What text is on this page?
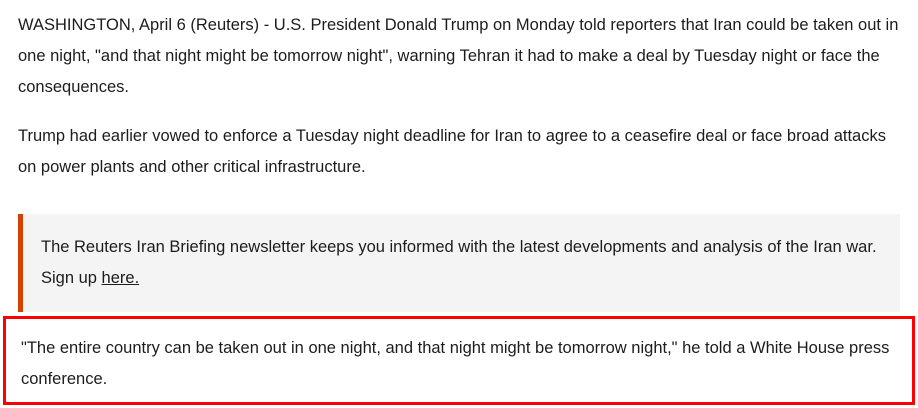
WASHINGTON, April 6 (Reuters) - U.S. President Donald Trump on Monday told reporters that Iran could be taken out in one night, "and that night might be tomorrow night", warning Tehran it had to make a deal by Tuesday night or face the consequences.

Trump had earlier vowed to enforce a Tuesday night deadline for Iran to agree to a ceasefire deal or face broad attacks on power plants and other critical infrastructure.

The Reuters Iran Briefing newsletter keeps you informed with the latest developments and analysis of the Iran war. Sign up here.

"The entire country can be taken out in one night, and that night might be tomorrow night," he told a White House press conference.
